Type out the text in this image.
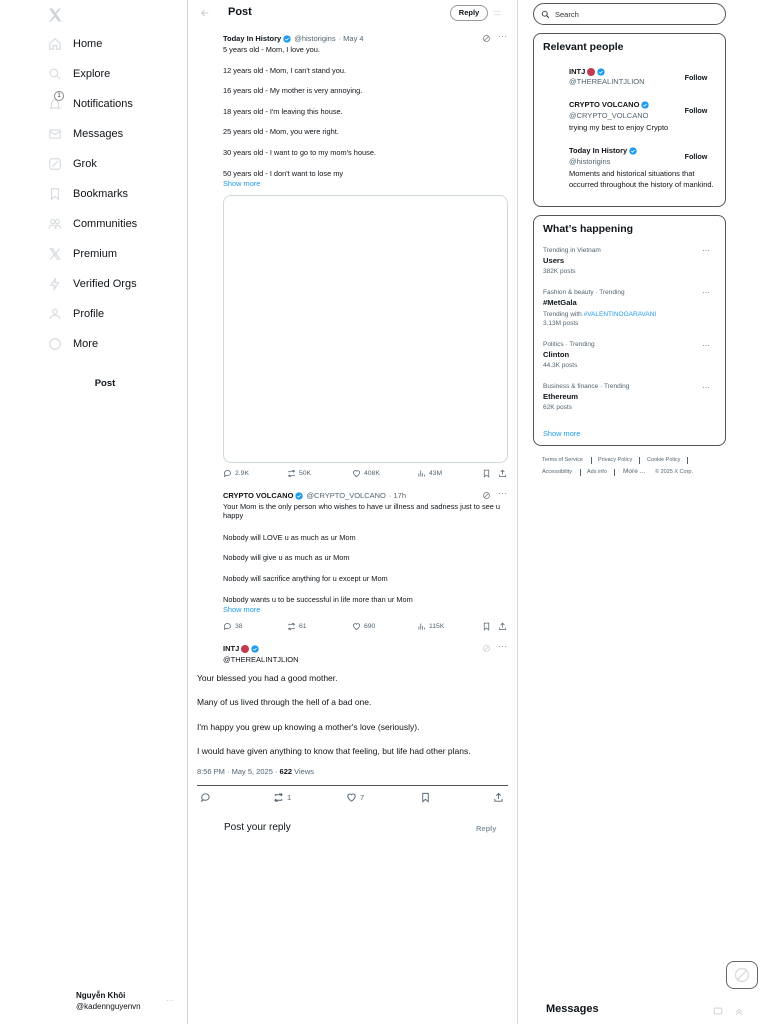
Home
Explore
1
Notifications
Messages
Grok
Bookmarks
Communities
Premium
Verified Orgs
Profile
More
Post
Nguyễn Khôi
@kadennguyenvn
···
Post	Reply
Today In History @historigins · May 4	···
5 years old - Mom, I love you.
12 years old - Mom, I can't stand you.
16 years old - My mother is very annoying.
18 years old - I'm leaving this house.
25 years old - Mom, you were right.
30 years old - I want to go to my mom's house.
50 years old - I don't want to lose my
Show more
2.9K	50K	408K	43M
CRYPTO VOLCANO @CRYPTO_VOLCANO · 17h	···
Your Mom is the only person who wishes to have ur illness and sadness just to see u happy
Nobody will LOVE u as much as ur Mom
Nobody will give u as much as ur Mom
Nobody will sacrifice anything for u except ur Mom
Nobody wants u to be successful in life more than ur Mom
Show more
38	61	690	115K
INTJ
@THEREALINTJLION
···
Your blessed you had a good mother.
Many of us lived through the hell of a bad one.
I'm happy you grew up knowing a mother's love (seriously).
I would have given anything to know that feeling, but life had other plans.
8:56 PM · May 5, 2025 · 622 Views
1	7
Post your reply	Reply
Search
Relevant people
INTJ
@THEREALINTJLION	Follow
CRYPTO VOLCANO
@CRYPTO_VOLCANO
Follow
trying my best to enjoy Crypto
Today In History
@historigins
Follow
Moments and historical situations that occurred throughout the history of mankind.
What’s happening
Trending in Vietnam
Users
382K posts
···
Fashion & beauty · Trending
#MetGala
Trending with #VALENTINOGARAVANI
3.13M posts
···
Politics · Trending
Clinton
44.3K posts
···
Business & finance · Trending
Ethereum
62K posts
···
Show more
Terms of Service	Privacy Policy	Cookie Policy
Accessibility	Ads info More ... © 2025 X Corp.
Messages
